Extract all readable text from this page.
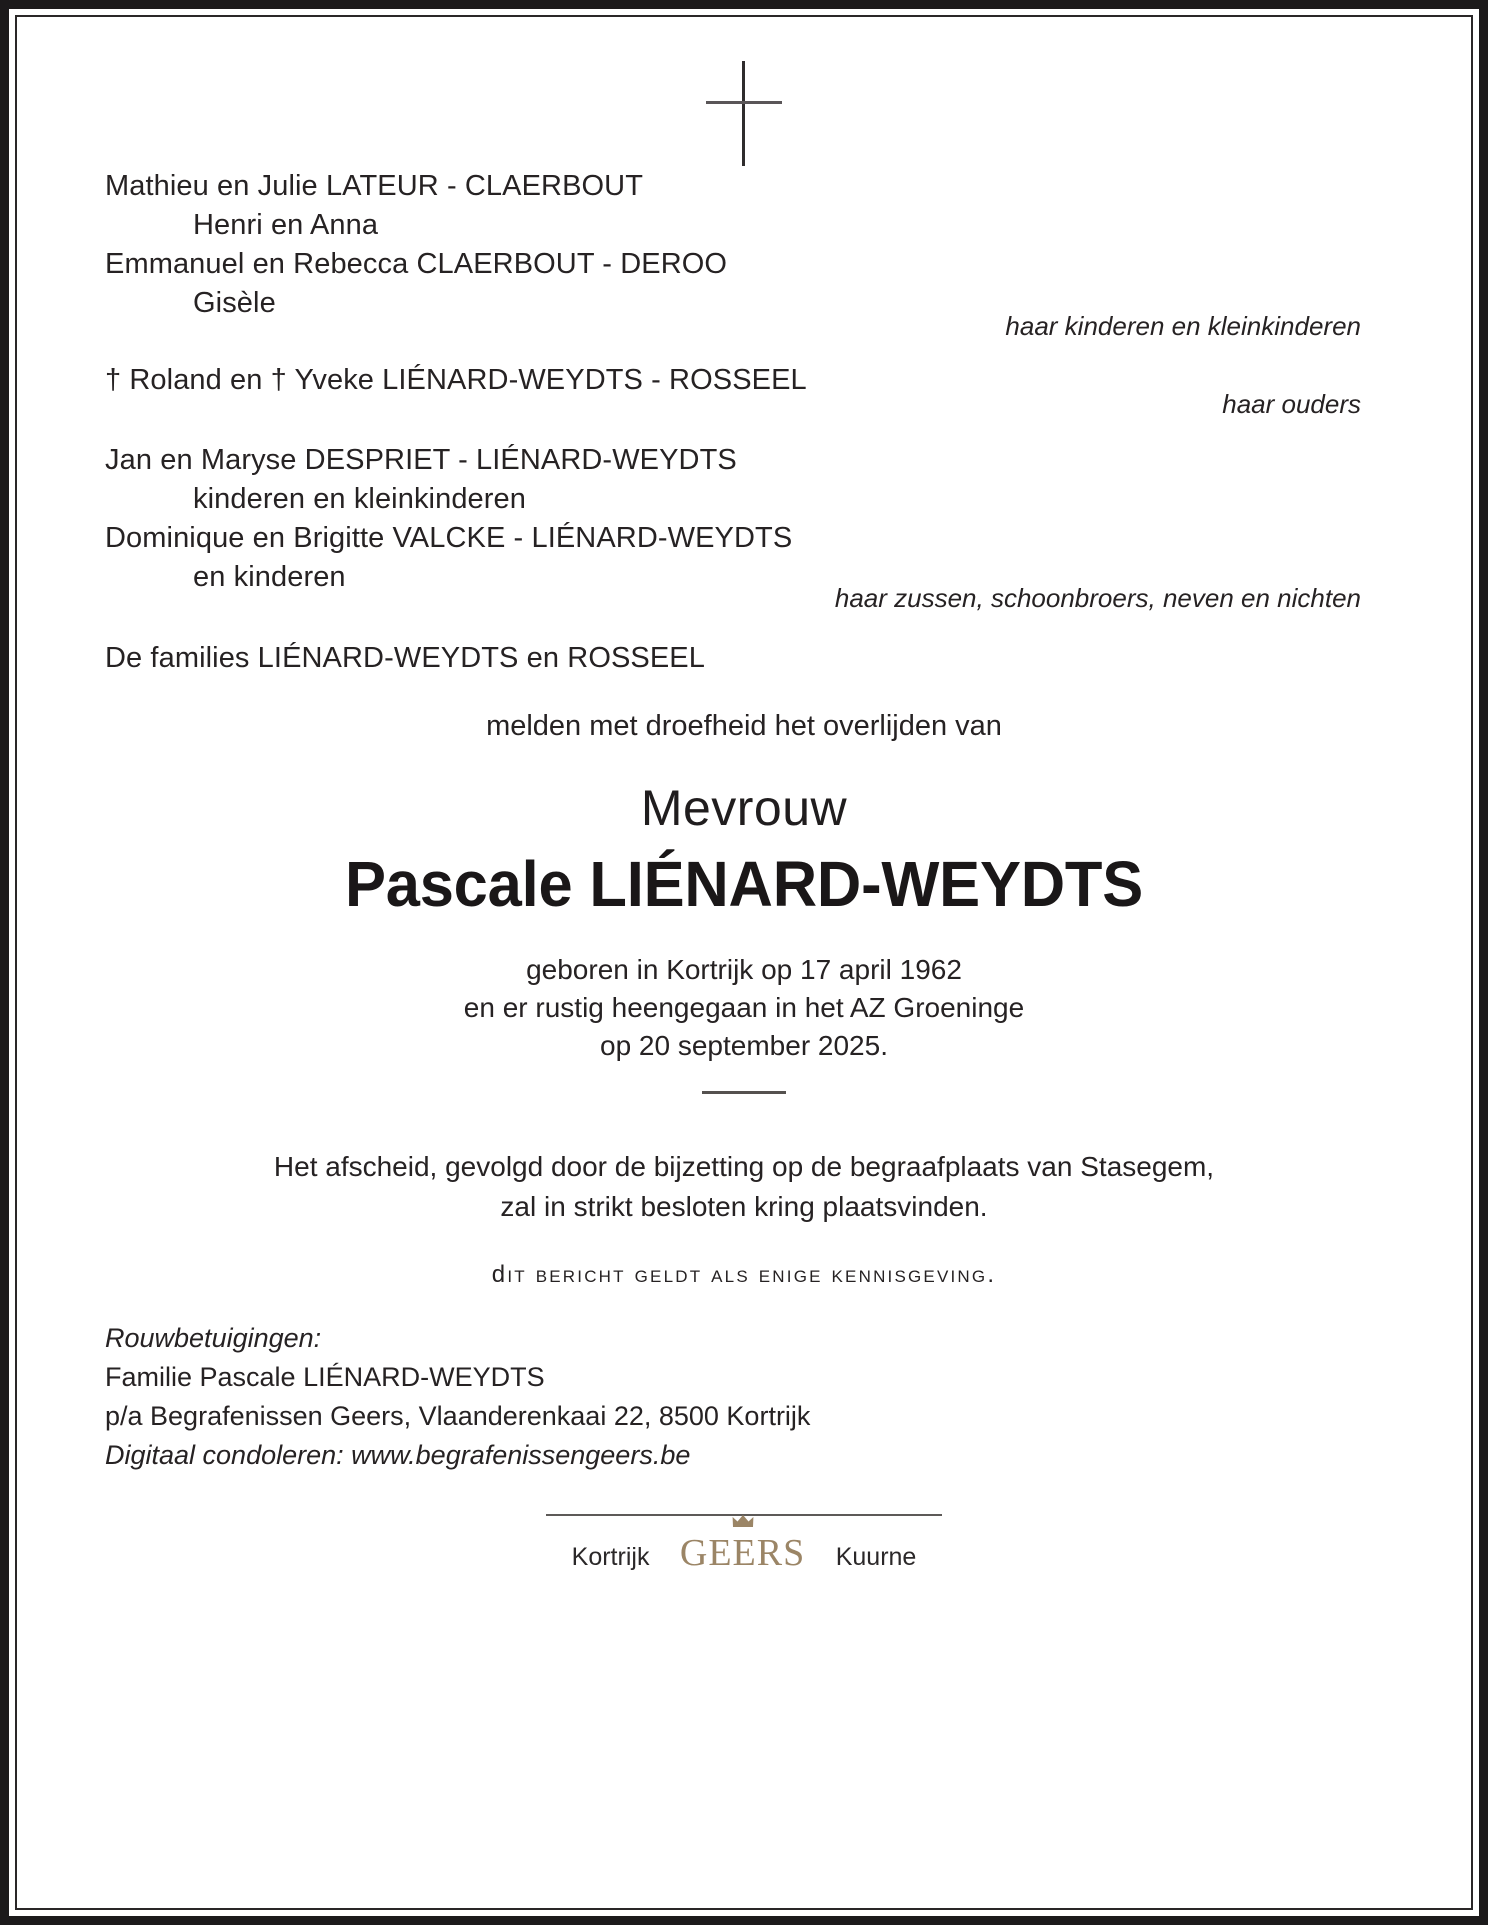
Mathieu en Julie LATEUR - CLAERBOUT
Henri en Anna
Emmanuel en Rebecca CLAERBOUT - DEROO
Gisèle
haar kinderen en kleinkinderen
† Roland en † Yveke LIÉNARD-WEYDTS - ROSSEEL
haar ouders
Jan en Maryse DESPRIET - LIÉNARD-WEYDTS
kinderen en kleinkinderen
Dominique en Brigitte VALCKE - LIÉNARD-WEYDTS
en kinderen
haar zussen, schoonbroers, neven en nichten
De families LIÉNARD-WEYDTS en ROSSEEL
melden met droefheid het overlijden van
Mevrouw
Pascale LIÉNARD-WEYDTS
geboren in Kortrijk op 17 april 1962
en er rustig heengegaan in het AZ Groeninge
op 20 september 2025.
Het afscheid, gevolgd door de bijzetting op de begraafplaats van Stasegem,
zal in strikt besloten kring plaatsvinden.
dit bericht geldt als enige kennisgeving.
Rouwbetuigingen:
Familie Pascale LIÉNARD-WEYDTS
p/a Begrafenissen Geers, Vlaanderenkaai 22, 8500 Kortrijk
Digitaal condoleren: www.begrafenissengeers.be
Kortrijk GEERS Kuurne
